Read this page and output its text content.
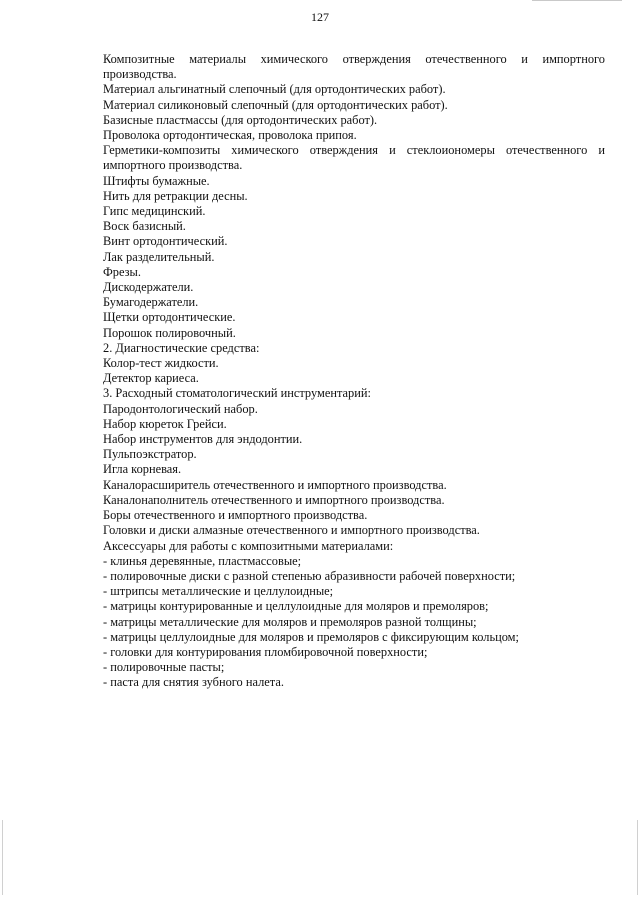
127
Композитные материалы химического отверждения отечественного и импортного
производства.
Материал альгинатный слепочный (для ортодонтических работ).
Материал силиконовый слепочный (для ортодонтических работ).
Базисные пластмассы (для ортодонтических работ).
Проволока ортодонтическая, проволока припоя.
Герметики-композиты химического отверждения и стеклоиономеры отечественного и
импортного производства.
Штифты бумажные.
Нить для ретракции десны.
Гипс медицинский.
Воск базисный.
Винт ортодонтический.
Лак разделительный.
Фрезы.
Дискодержатели.
Бумагодержатели.
Щетки ортодонтические.
Порошок полировочный.
2. Диагностические средства:
Колор-тест жидкости.
Детектор кариеса.
3. Расходный стоматологический инструментарий:
Пародонтологический набор.
Набор кюреток Грейси.
Набор инструментов для эндодонтии.
Пульпоэкстратор.
Игла корневая.
Каналорасширитель отечественного и импортного производства.
Каналонаполнитель отечественного и импортного производства.
Боры отечественного и импортного производства.
Головки и диски алмазные отечественного и импортного производства.
Аксессуары для работы с композитными материалами:
- клинья деревянные, пластмассовые;
- полировочные диски с разной степенью абразивности рабочей поверхности;
- штрипсы металлические и целлулоидные;
- матрицы контурированные и целлулоидные для моляров и премоляров;
- матрицы металлические для моляров и премоляров разной толщины;
- матрицы целлулоидные для моляров и премоляров с фиксирующим кольцом;
- головки для контурирования пломбировочной поверхности;
- полировочные пасты;
- паста для снятия зубного налета.
